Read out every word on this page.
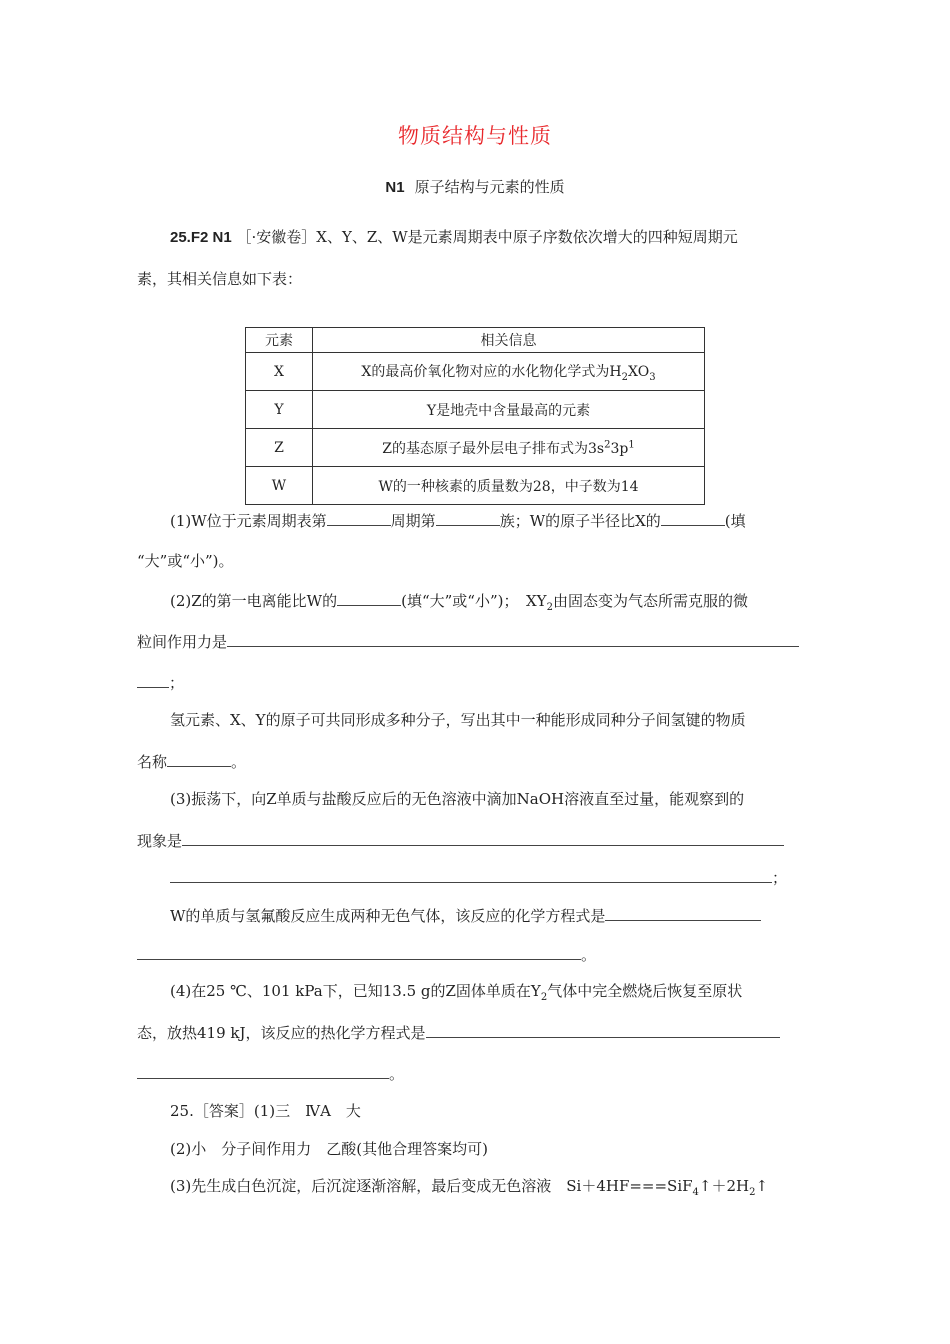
物质结构与性质
N1 原子结构与元素的性质
25.F2 N1 ［·安徽卷］X、Y、Z、W是元素周期表中原子序数依次增大的四种短周期元
素，其相关信息如下表：
元素	相关信息
X	X的最高价氧化物对应的水化物化学式为$H_2XO_3$
Y	Y是地壳中含量最高的元素
Z	Z的基态原子最外层电子排布式为$3s^23p^1$
W	W的一种核素的质量数为28，中子数为14
(1)W位于元素周期表第	周期第	族；W的原子半径比X的	(填
“大”或“小”)。
(2)Z的第一电离能比W的	(填“大”或“小”)；　$XY_2$由固态变为气态所需克服的微
粒间作用力是
；
氢元素、X、Y的原子可共同形成多种分子，写出其中一种能形成同种分子间氢键的物质
名称	。
(3)振荡下，向Z单质与盐酸反应后的无色溶液中滴加NaOH溶液直至过量，能观察到的
现象是
；
W的单质与氢氟酸反应生成两种无色气体，该反应的化学方程式是
。
(4)在25 ℃、101 kPa下，已知13.5 g的Z固体单质在$Y_2$气体中完全燃烧后恢复至原状
态，放热419 kJ，该反应的热化学方程式是
。
25.［答案］(1)三　ⅣA　大
(2)小　分子间作用力　乙酸(其他合理答案均可)
(3)先生成白色沉淀，后沉淀逐渐溶解，最后变成无色溶液　$Si+4HF===SiF_4↑+2H_2↑$
